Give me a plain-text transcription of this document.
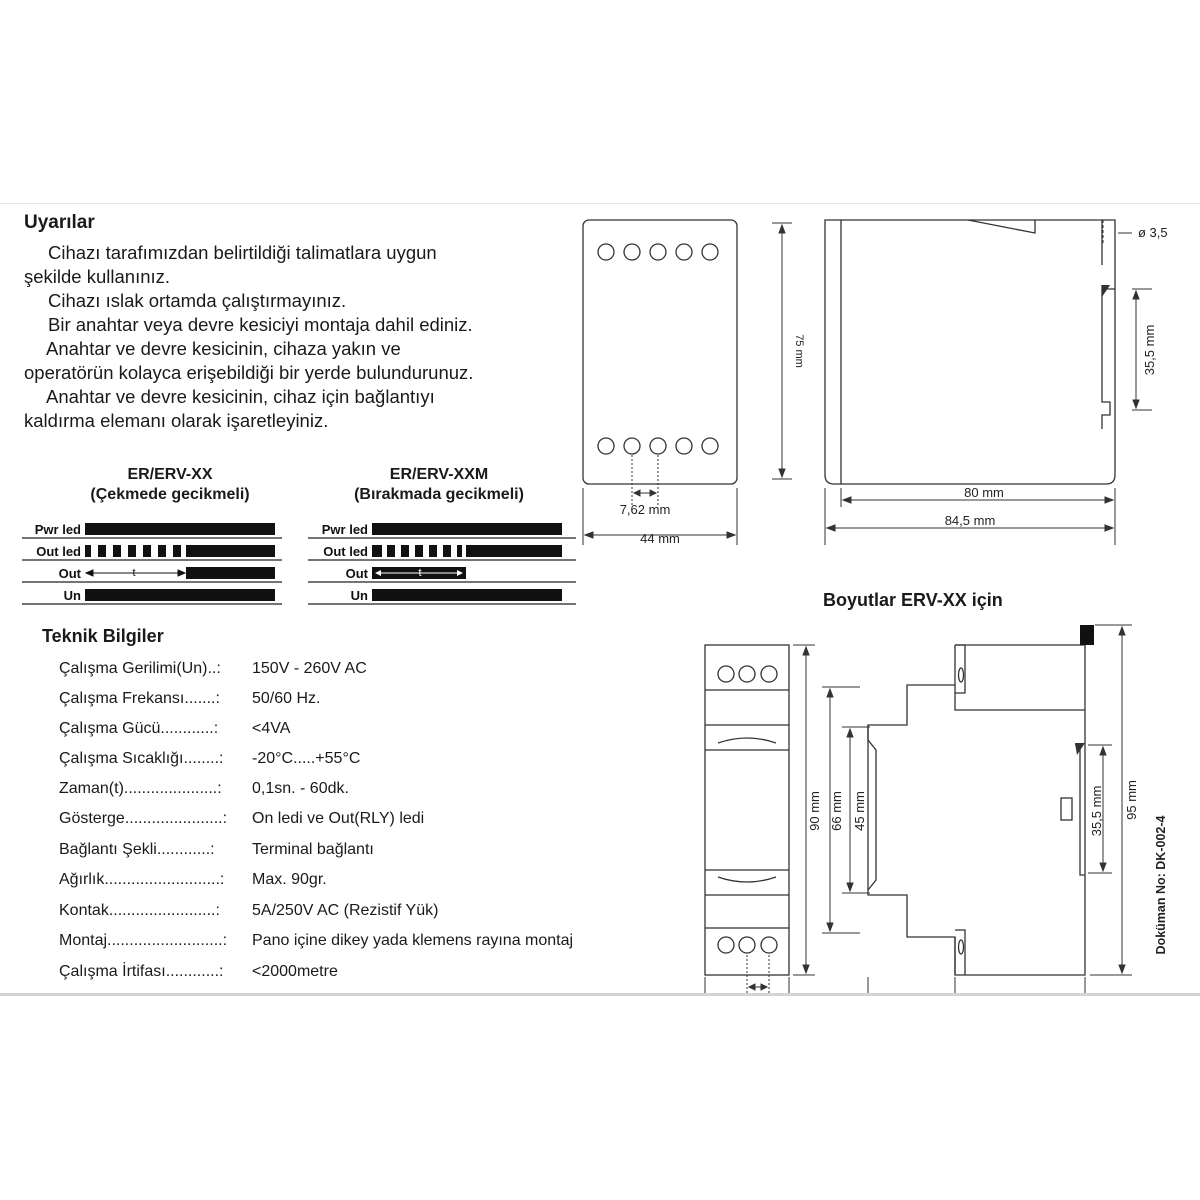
Uyarılar
Cihazı tarafımızdan belirtildiği talimatlara uygun
şekilde kullanınız.
Cihazı ıslak ortamda çalıştırmayınız.
Bir anahtar veya devre kesiciyi montaja dahil ediniz.
Anahtar ve devre kesicinin, cihaza yakın ve
operatörün kolayca erişebildiği bir yerde bulundurunuz.
Anahtar ve devre kesicinin, cihaz için bağlantıyı
kaldırma elemanı olarak işaretleyiniz.
ER/ERV-XX
(Çekmede gecikmeli)
ER/ERV-XXM
(Bırakmada gecikmeli)
Pwr led
Out led
Out
Un
Pwr led
Out led
Out
Un
t	t
Teknik Bilgiler
Çalışma Gerilimi(Un)..: 150V - 260V AC
Çalışma Frekansı.......: 50/60 Hz.
Çalışma Gücü............: <4VA
Çalışma Sıcaklığı........: -20°C.....+55°C
Zaman(t).....................: 0,1sn. - 60dk.
Gösterge......................: On ledi ve Out(RLY) ledi
Bağlantı Şekli............: Terminal bağlantı
Ağırlık..........................: Max. 90gr.
Kontak........................: 5A/250V AC (Rezistif Yük)
Montaj..........................: Pano içine dikey yada klemens rayına montaj
Çalışma İrtifası............: <2000metre
75 mm	35,5 mm
7,62 mm
44 mm
80 mm
84,5 mm
ø 3,5
Boyutlar ERV-XX için
90 mm 66 mm 45 mm	35,5 mm 95 mm
Doküman No: DK-002-4
